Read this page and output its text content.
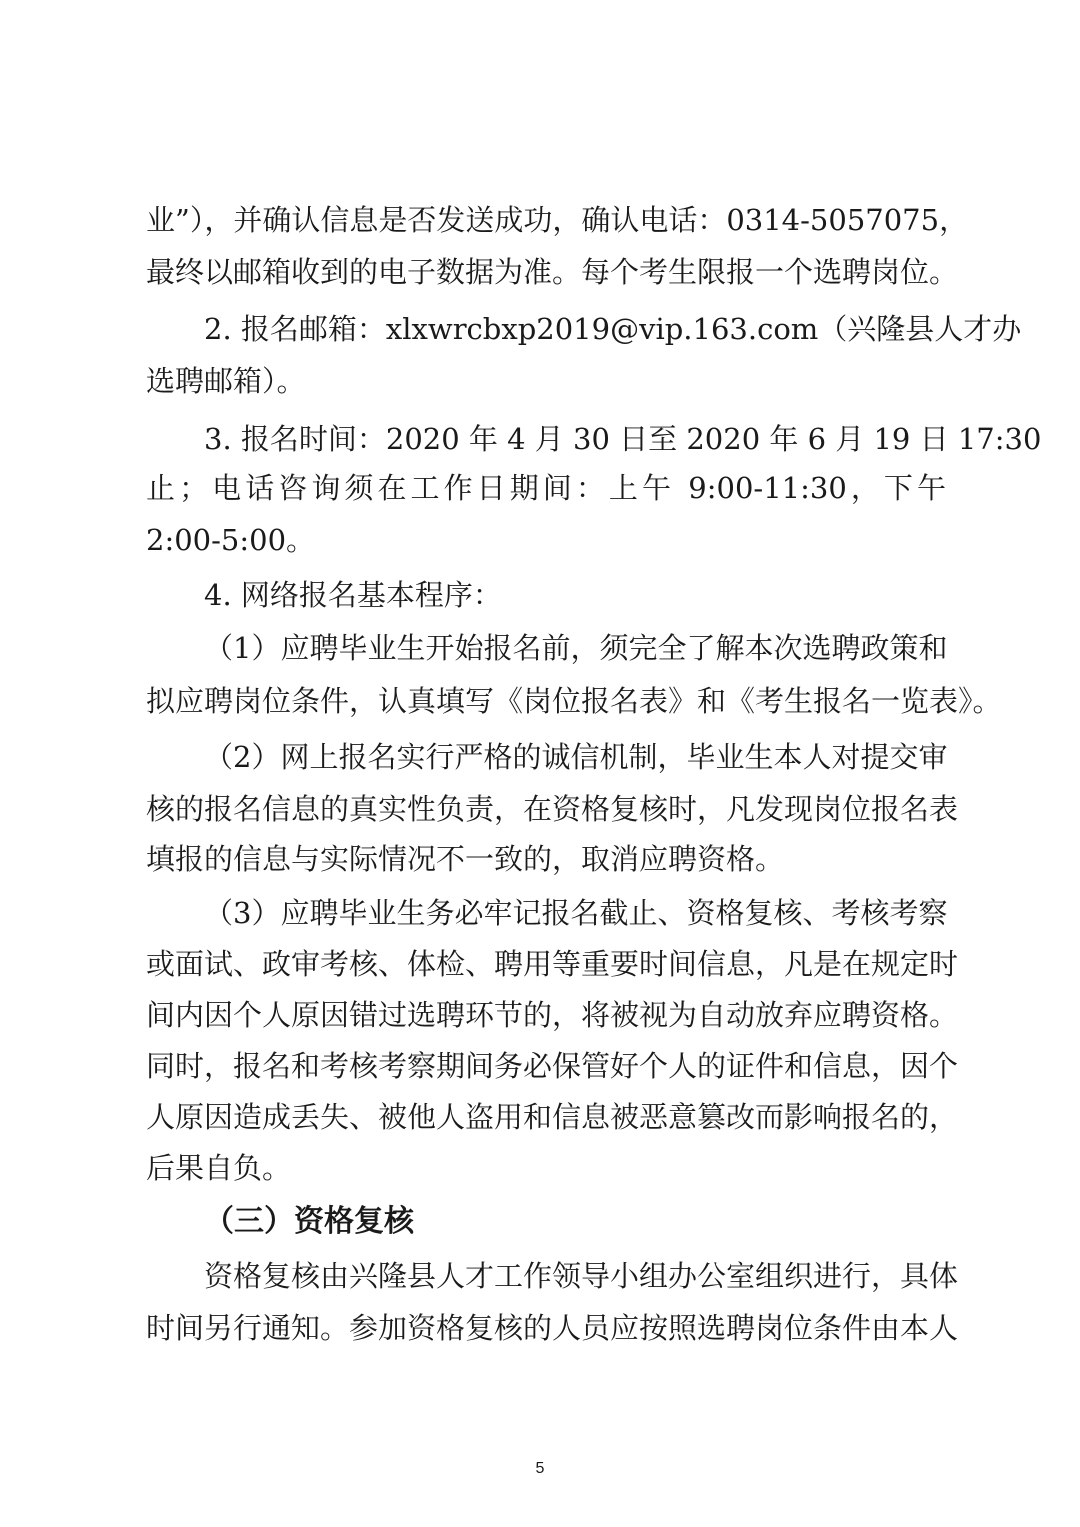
业”），并确认信息是否发送成功，确认电话：0314-5057075，
最终以邮箱收到的电子数据为准。每个考生限报一个选聘岗位。
2. 报名邮箱：xlxwrcbxp2019@vip.163.com（兴隆县人才办
选聘邮箱）。
3. 报名时间：2020 年 4 月 30 日至 2020 年 6 月 19 日 17:30
止；电话咨询须在工作日期间：上午 9:00-11:30，下午
2:00-5:00。
4. 网络报名基本程序：
（1）应聘毕业生开始报名前，须完全了解本次选聘政策和
拟应聘岗位条件，认真填写《岗位报名表》和《考生报名一览表》。
（2）网上报名实行严格的诚信机制，毕业生本人对提交审
核的报名信息的真实性负责，在资格复核时，凡发现岗位报名表
填报的信息与实际情况不一致的，取消应聘资格。
（3）应聘毕业生务必牢记报名截止、资格复核、考核考察
或面试、政审考核、体检、聘用等重要时间信息，凡是在规定时
间内因个人原因错过选聘环节的，将被视为自动放弃应聘资格。
同时，报名和考核考察期间务必保管好个人的证件和信息，因个
人原因造成丢失、被他人盗用和信息被恶意篡改而影响报名的，
后果自负。
（三）资格复核
资格复核由兴隆县人才工作领导小组办公室组织进行，具体
时间另行通知。参加资格复核的人员应按照选聘岗位条件由本人
5
